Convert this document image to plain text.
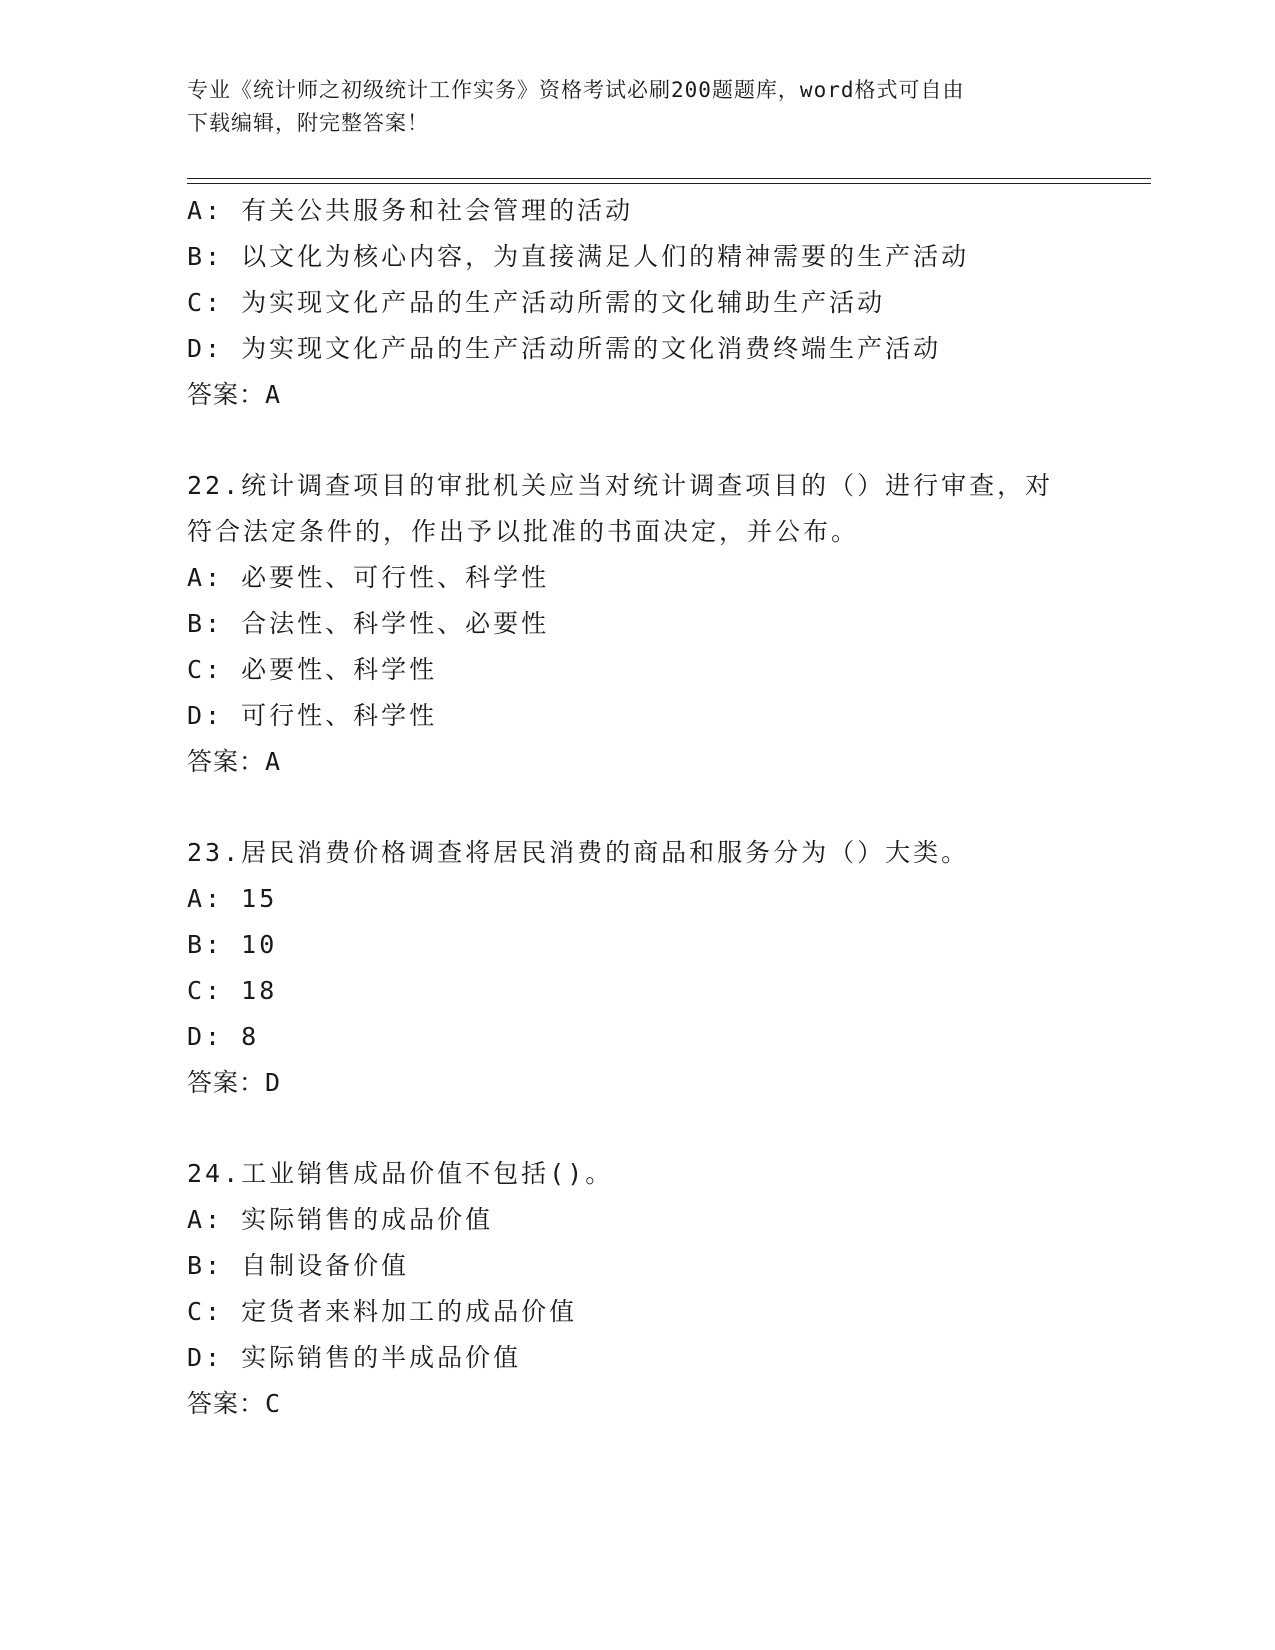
专业《统计师之初级统计工作实务》资格考试必刷200题题库，word格式可自由
下载编辑，附完整答案！
A: 有关公共服务和社会管理的活动
B: 以文化为核心内容，为直接满足人们的精神需要的生产活动
C: 为实现文化产品的生产活动所需的文化辅助生产活动
D: 为实现文化产品的生产活动所需的文化消费终端生产活动
答案：A
22.统计调查项目的审批机关应当对统计调查项目的（）进行审查，对
符合法定条件的，作出予以批准的书面决定，并公布。
A: 必要性、可行性、科学性
B: 合法性、科学性、必要性
C: 必要性、科学性
D: 可行性、科学性
答案：A
23.居民消费价格调查将居民消费的商品和服务分为（）大类。
A: 15
B: 10
C: 18
D: 8
答案：D
24.工业销售成品价值不包括()。
A: 实际销售的成品价值
B: 自制设备价值
C: 定货者来料加工的成品价值
D: 实际销售的半成品价值
答案：C
